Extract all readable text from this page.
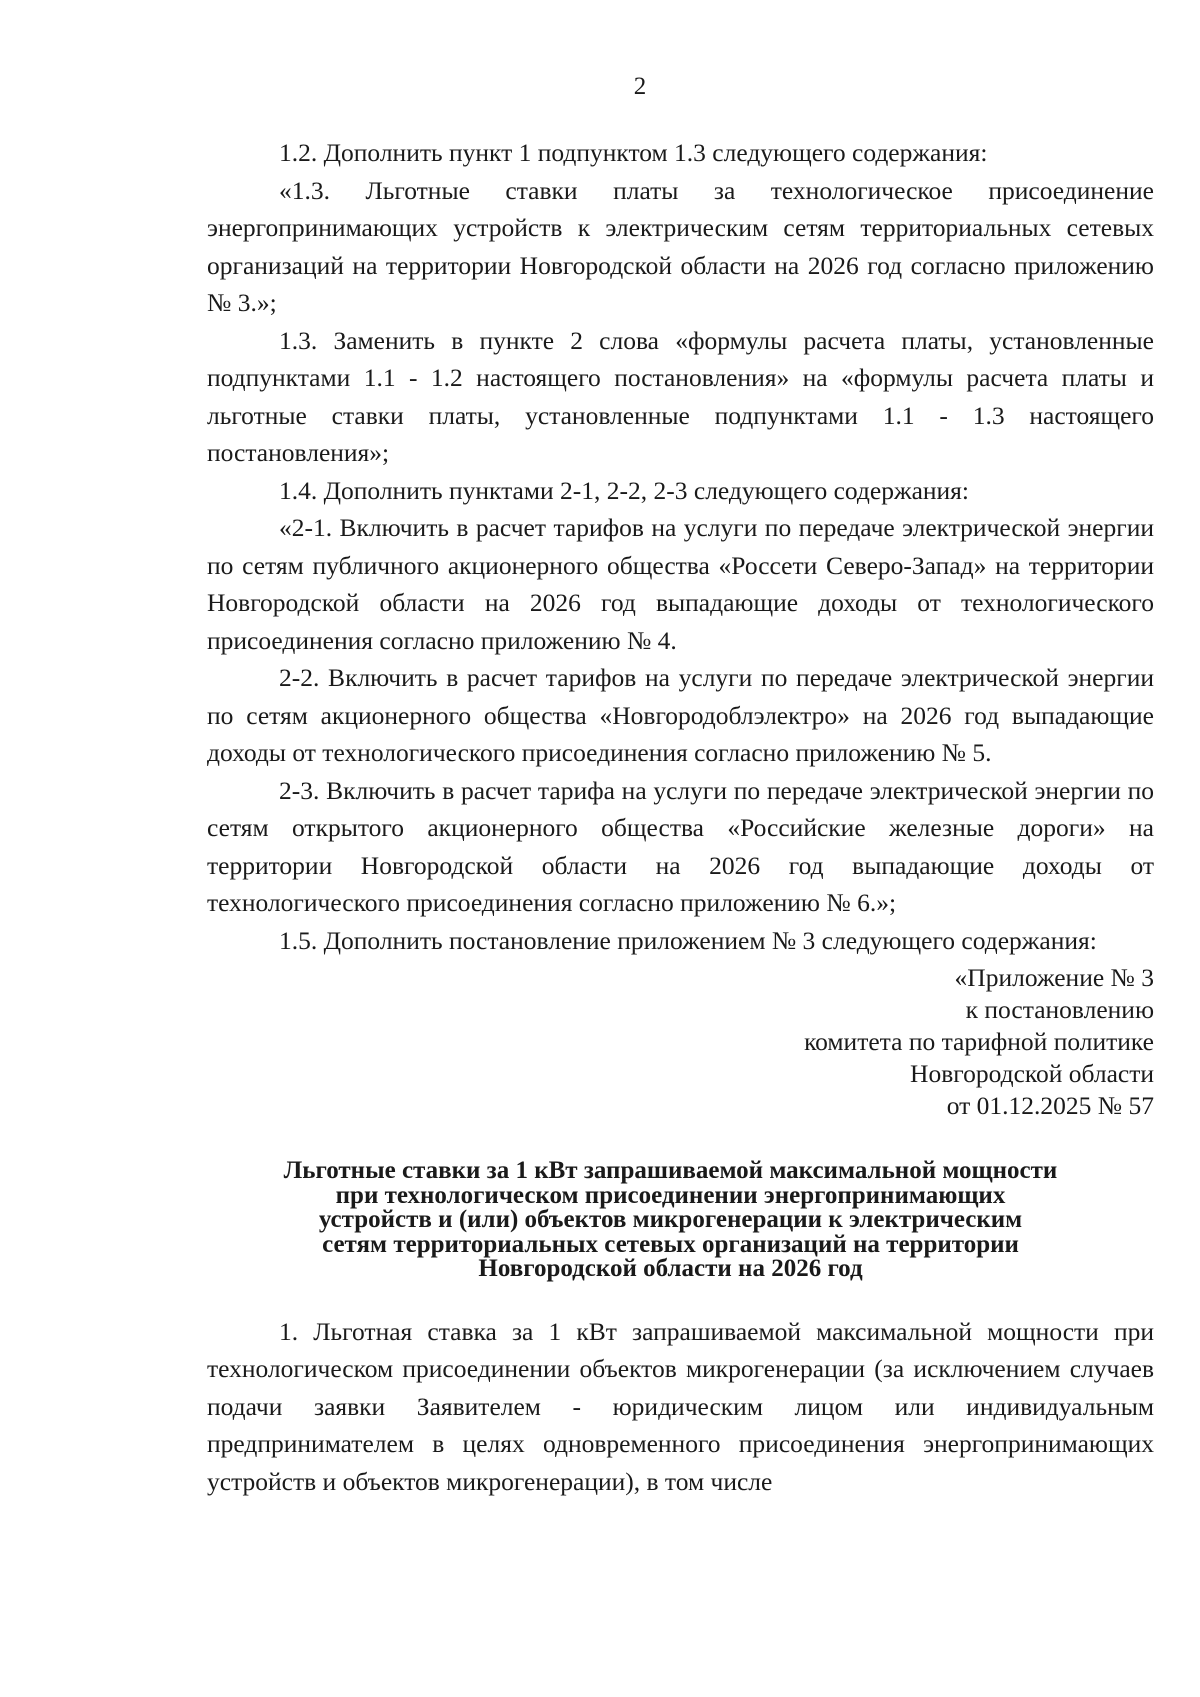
2

1.2. Дополнить пункт 1 подпунктом 1.3 следующего содержания:

«1.3. Льготные ставки платы за технологическое присоединение энергопринимающих устройств к электрическим сетям территориальных сетевых организаций на территории Новгородской области на 2026 год согласно приложению № 3.»;

1.3. Заменить в пункте 2 слова «формулы расчета платы, установленные подпунктами 1.1 - 1.2 настоящего постановления» на «формулы расчета платы и льготные ставки платы, установленные подпунктами 1.1 - 1.3 настоящего постановления»;

1.4. Дополнить пунктами 2-1, 2-2, 2-3 следующего содержания:

«2-1. Включить в расчет тарифов на услуги по передаче электрической энергии по сетям публичного акционерного общества «Россети Северо-Запад» на территории Новгородской области на 2026 год выпадающие доходы от технологического присоединения согласно приложению № 4.

2-2. Включить в расчет тарифов на услуги по передаче электрической энергии по сетям акционерного общества «Новгородоблэлектро» на 2026 год выпадающие доходы от технологического присоединения согласно приложению № 5.

2-3. Включить в расчет тарифа на услуги по передаче электрической энергии по сетям открытого акционерного общества «Российские железные дороги» на территории Новгородской области на 2026 год выпадающие доходы от технологического присоединения согласно приложению № 6.»;

1.5. Дополнить постановление приложением № 3 следующего содержания:

«Приложение № 3
к постановлению
комитета по тарифной политике
Новгородской области
от 01.12.2025 № 57
Льготные ставки за 1 кВт запрашиваемой максимальной мощности
при технологическом присоединении энергопринимающих
устройств и (или) объектов микрогенерации к электрическим
сетям территориальных сетевых организаций на территории
Новгородской области на 2026 год

1. Льготная ставка за 1 кВт запрашиваемой максимальной мощности при технологическом присоединении объектов микрогенерации (за исключением случаев подачи заявки Заявителем - юридическим лицом или индивидуальным предпринимателем в целях одновременного присоединения энергопринимающих устройств и объектов микрогенерации), в том числе
